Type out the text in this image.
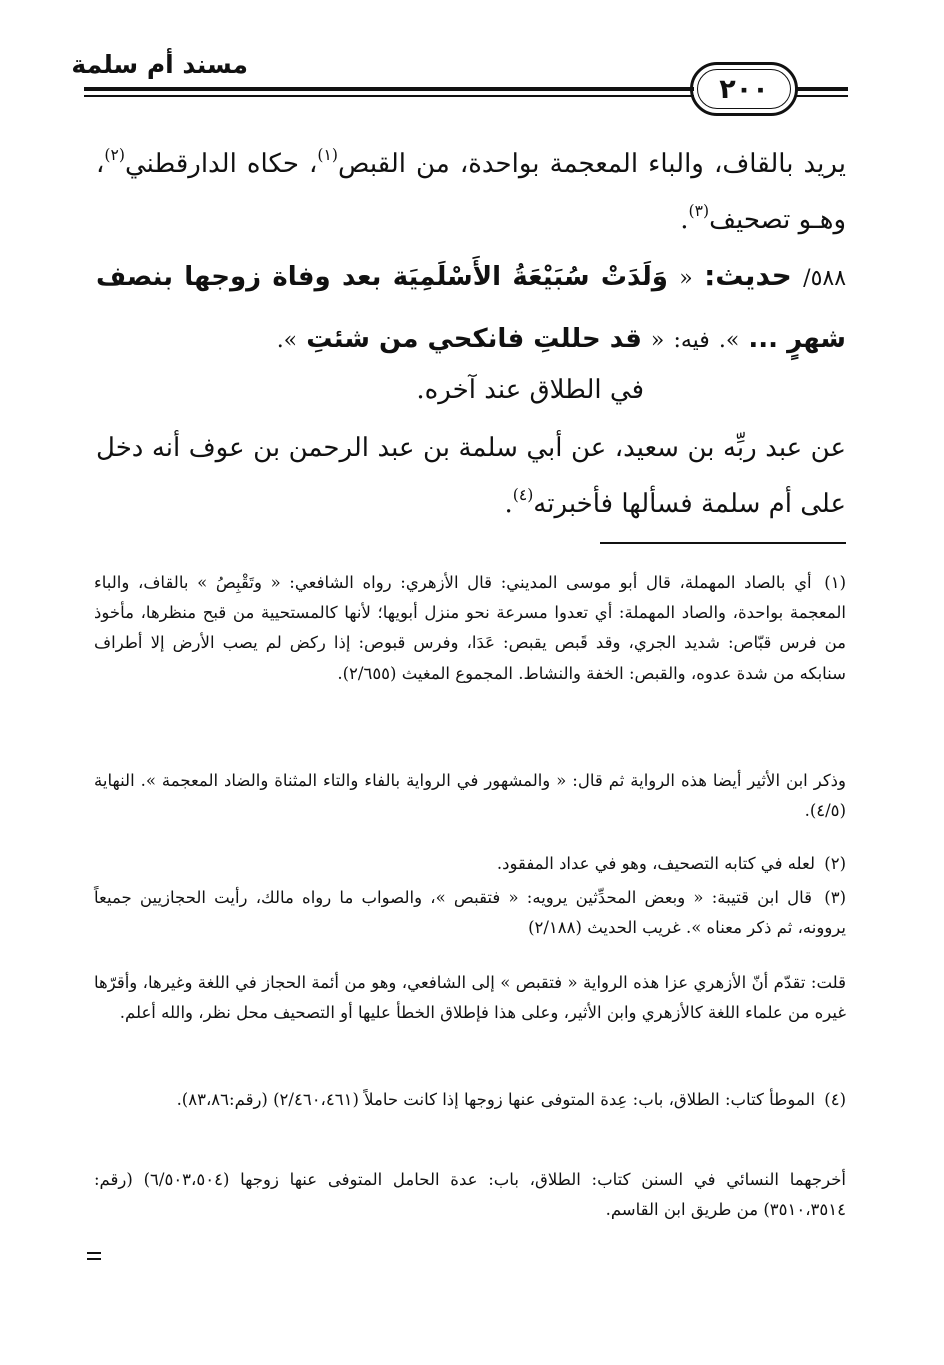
مسند أم سلمة
٢٠٠
يريد بالقاف، والباء المعجمة بواحدة، من القبص$^{(١)}$، حكاه الدارقطني$^{(٢)}$، وهـو تصحيف$^{(٣)}$.
٥٨٨/ حديث: « وَلَدَتْ سُبَيْعَةُ الأَسْلَمِيَة بعد وفاة زوجها بنصف شهرٍ ... ». فيه: « قد حللتِ فانكحي من شئتِ ».
في الطلاق عند آخره.
عن عبد ربِّه بن سعيد، عن أبي سلمة بن عبد الرحمن بن عوف أنه دخل على أم سلمة فسألها فأخبرته$^{(٤)}$.

(١) أي بالصاد المهملة، قال أبو موسى المديني: قال الأزهري: رواه الشافعي: « وتَقْبِصُ » بالقاف، والباء المعجمة بواحدة، والصاد المهملة: أي تعدوا مسرعة نحو منزل أبويها؛ لأنها كالمستحيية من قبح منظرها، مأخوذ من فرس قبّاص: شديد الجري، وقد قَبص يقبص: عَدَا، وفرس قبوص: إذا ركض لم يصب الأرض إلا أطراف سنابكه من شدة عدوه، والقبص: الخفة والنشاط. المجموع المغيث (٢/٦٥٥).

وذكر ابن الأثير أيضا هذه الرواية ثم قال: « والمشهور في الرواية بالفاء والتاء المثناة والضاد المعجمة ». النهاية (٤/٥).

(٢) لعله في كتابه التصحيف، وهو في عداد المفقود.

(٣) قال ابن قتيبة: « وبعض المحدِّثين يرويه: « فتقبص »، والصواب ما رواه مالك، رأيت الحجازيين جميعاً يروونه، ثم ذكر معناه ». غريب الحديث (٢/١٨٨)

قلت: تقدّم أنّ الأزهري عزا هذه الرواية « فتقبص » إلى الشافعي، وهو من أئمة الحجاز في اللغة وغيرها، وأقرّها غيره من علماء اللغة كالأزهري وابن الأثير، وعلى هذا فإطلاق الخطأ عليها أو التصحيف محل نظر، والله أعلم.

(٤) الموطأ كتاب: الطلاق، باب: عِدة المتوفى عنها زوجها إذا كانت حاملاً (٢/٤٦٠،٤٦١) (رقم:٨٣،٨٦).

أخرجهما النسائي في السنن كتاب: الطلاق، باب: عدة الحامل المتوفى عنها زوجها (٦/٥٠٣،٥٠٤) (رقم: ٣٥١٠،٣٥١٤) من طريق ابن القاسم.
